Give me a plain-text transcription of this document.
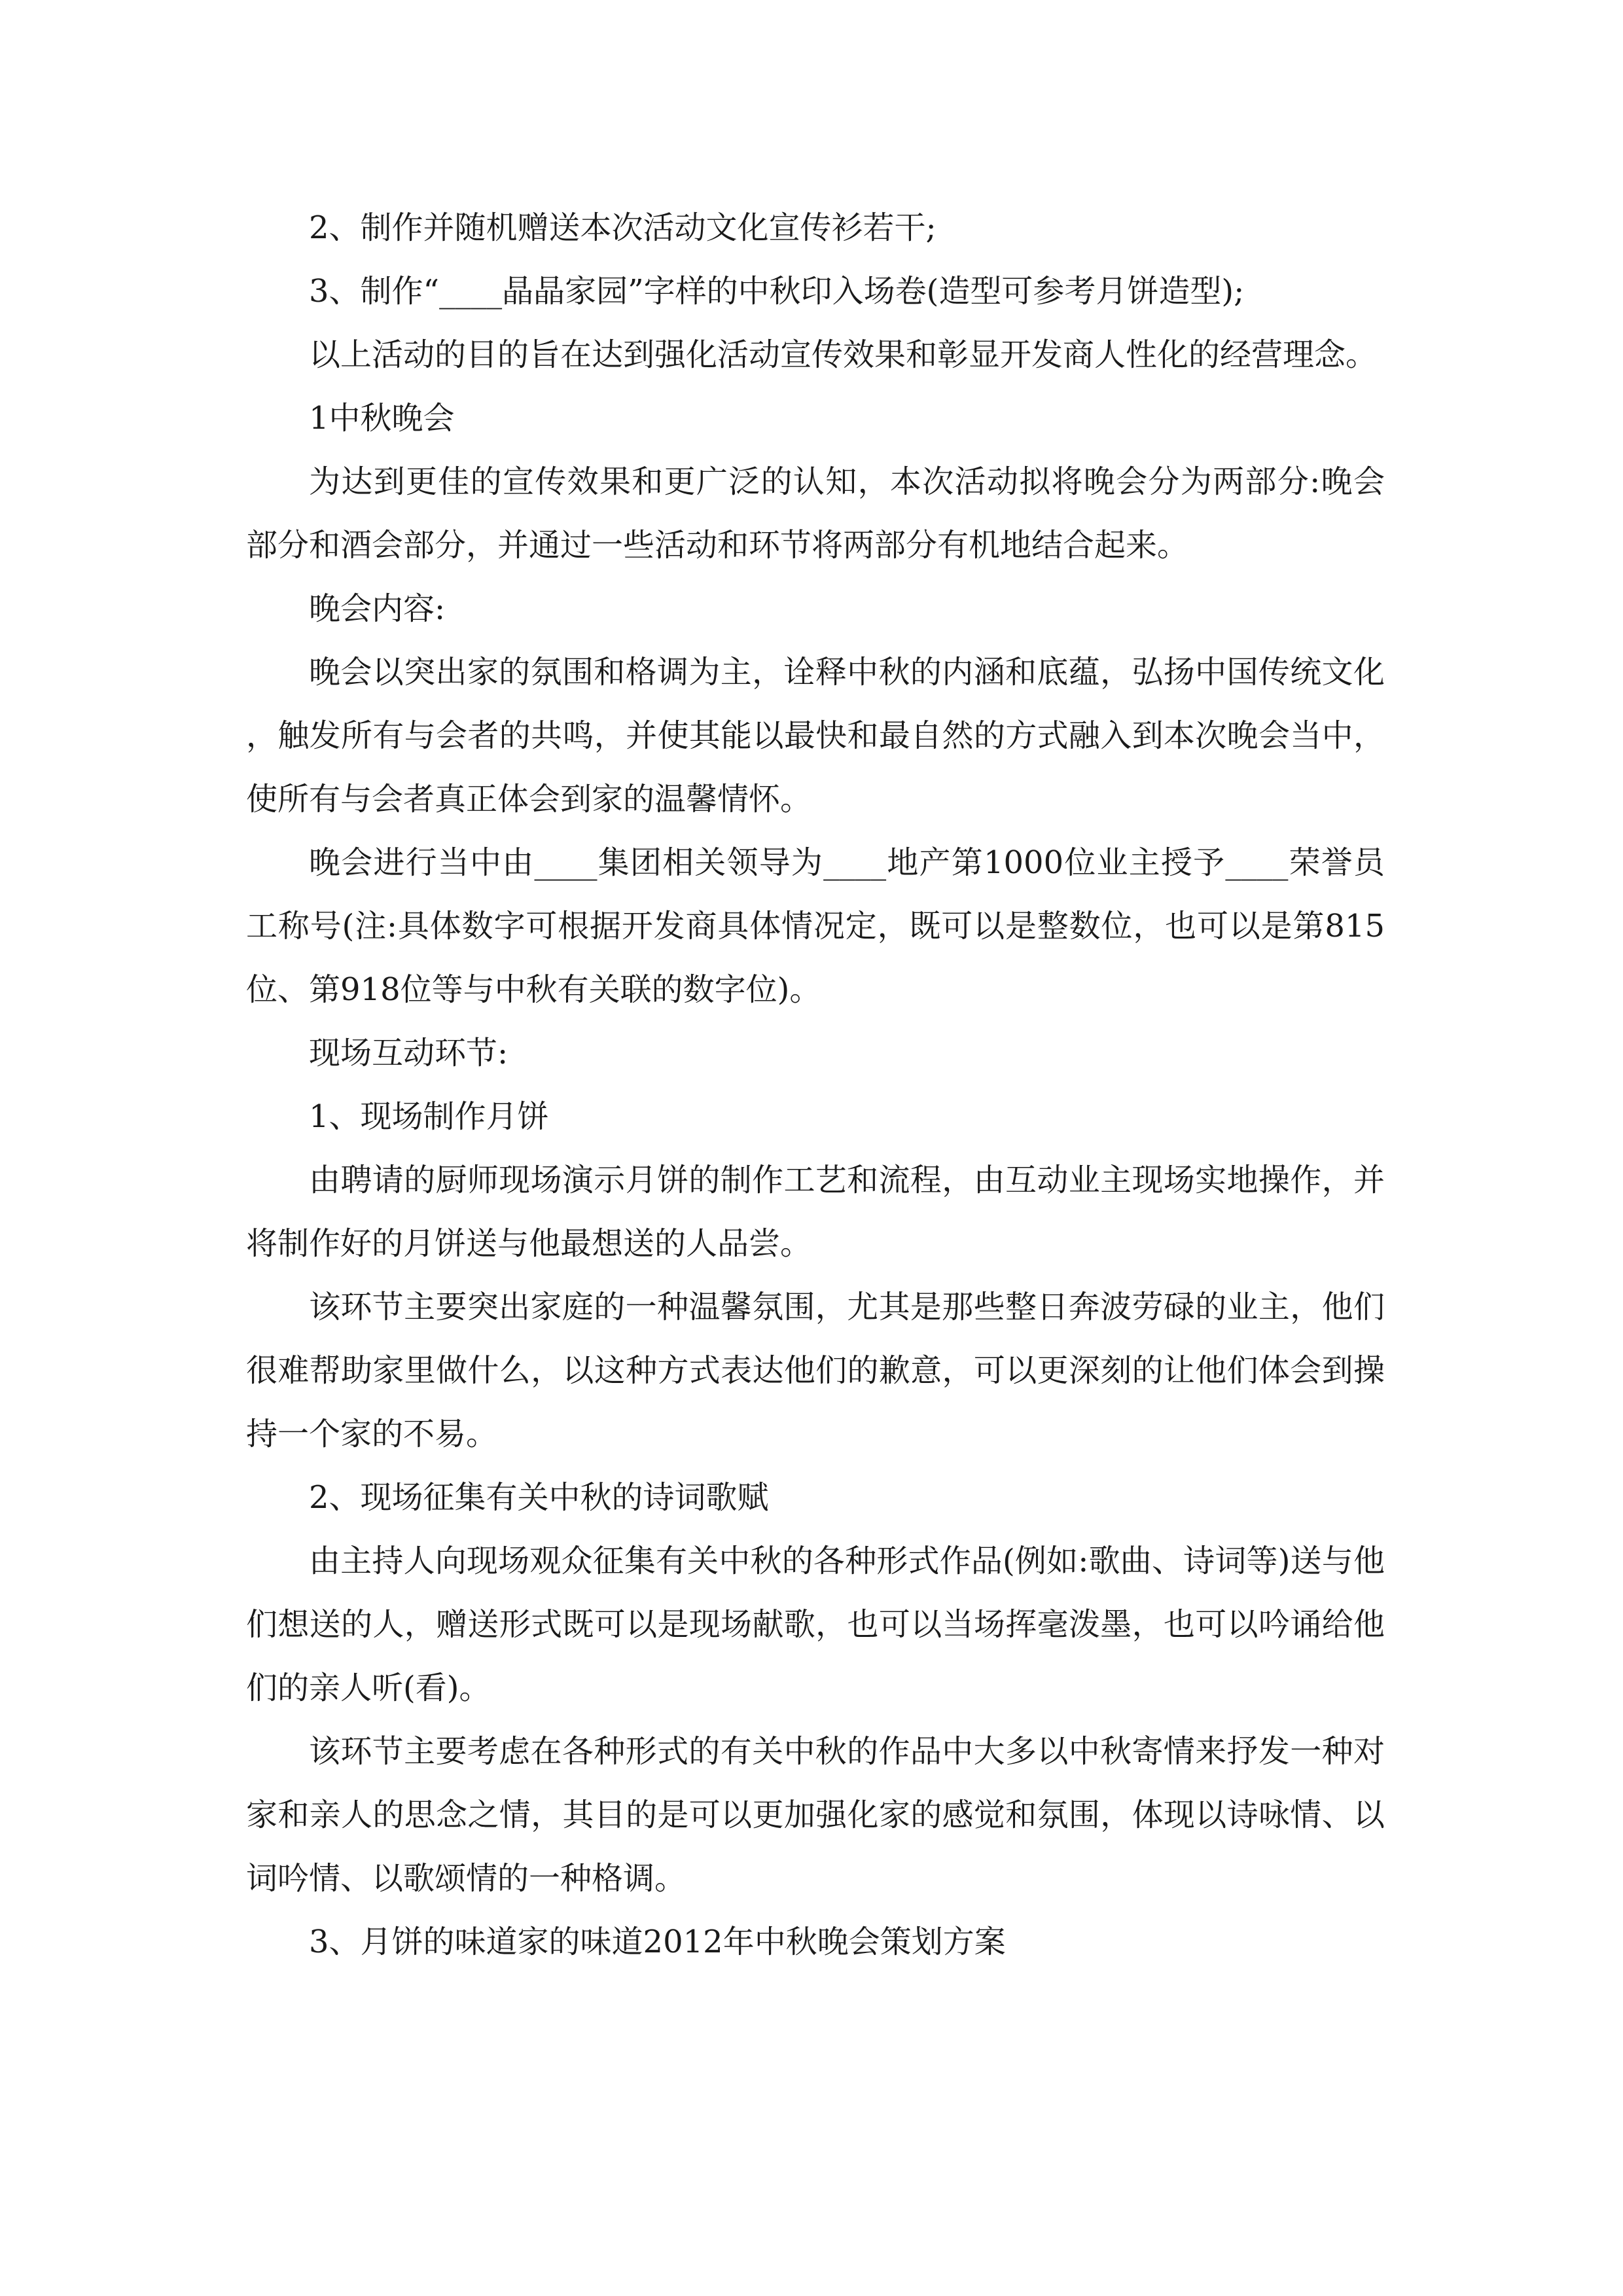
2、制作并随机赠送本次活动文化宣传衫若干;

3、制作“____晶晶家园”字样的中秋印入场卷(造型可参考月饼造型);

以上活动的目的旨在达到强化活动宣传效果和彰显开发商人性化的经营理念。

1中秋晚会

为达到更佳的宣传效果和更广泛的认知，本次活动拟将晚会分为两部分:晚会部分和酒会部分，并通过一些活动和环节将两部分有机地结合起来。

晚会内容:

晚会以突出家的氛围和格调为主，诠释中秋的内涵和底蕴，弘扬中国传统文化，触发所有与会者的共鸣，并使其能以最快和最自然的方式融入到本次晚会当中，使所有与会者真正体会到家的温馨情怀。

晚会进行当中由____集团相关领导为____地产第1000位业主授予____荣誉员工称号(注:具体数字可根据开发商具体情况定，既可以是整数位，也可以是第815位、第918位等与中秋有关联的数字位)。

现场互动环节:

1、现场制作月饼

由聘请的厨师现场演示月饼的制作工艺和流程，由互动业主现场实地操作，并将制作好的月饼送与他最想送的人品尝。

该环节主要突出家庭的一种温馨氛围，尤其是那些整日奔波劳碌的业主，他们很难帮助家里做什么，以这种方式表达他们的歉意，可以更深刻的让他们体会到操持一个家的不易。

2、现场征集有关中秋的诗词歌赋

由主持人向现场观众征集有关中秋的各种形式作品(例如:歌曲、诗词等)送与他们想送的人，赠送形式既可以是现场献歌，也可以当场挥毫泼墨，也可以吟诵给他们的亲人听(看)。

该环节主要考虑在各种形式的有关中秋的作品中大多以中秋寄情来抒发一种对家和亲人的思念之情，其目的是可以更加强化家的感觉和氛围，体现以诗咏情、以词吟情、以歌颂情的一种格调。

3、月饼的味道家的味道2012年中秋晚会策划方案
